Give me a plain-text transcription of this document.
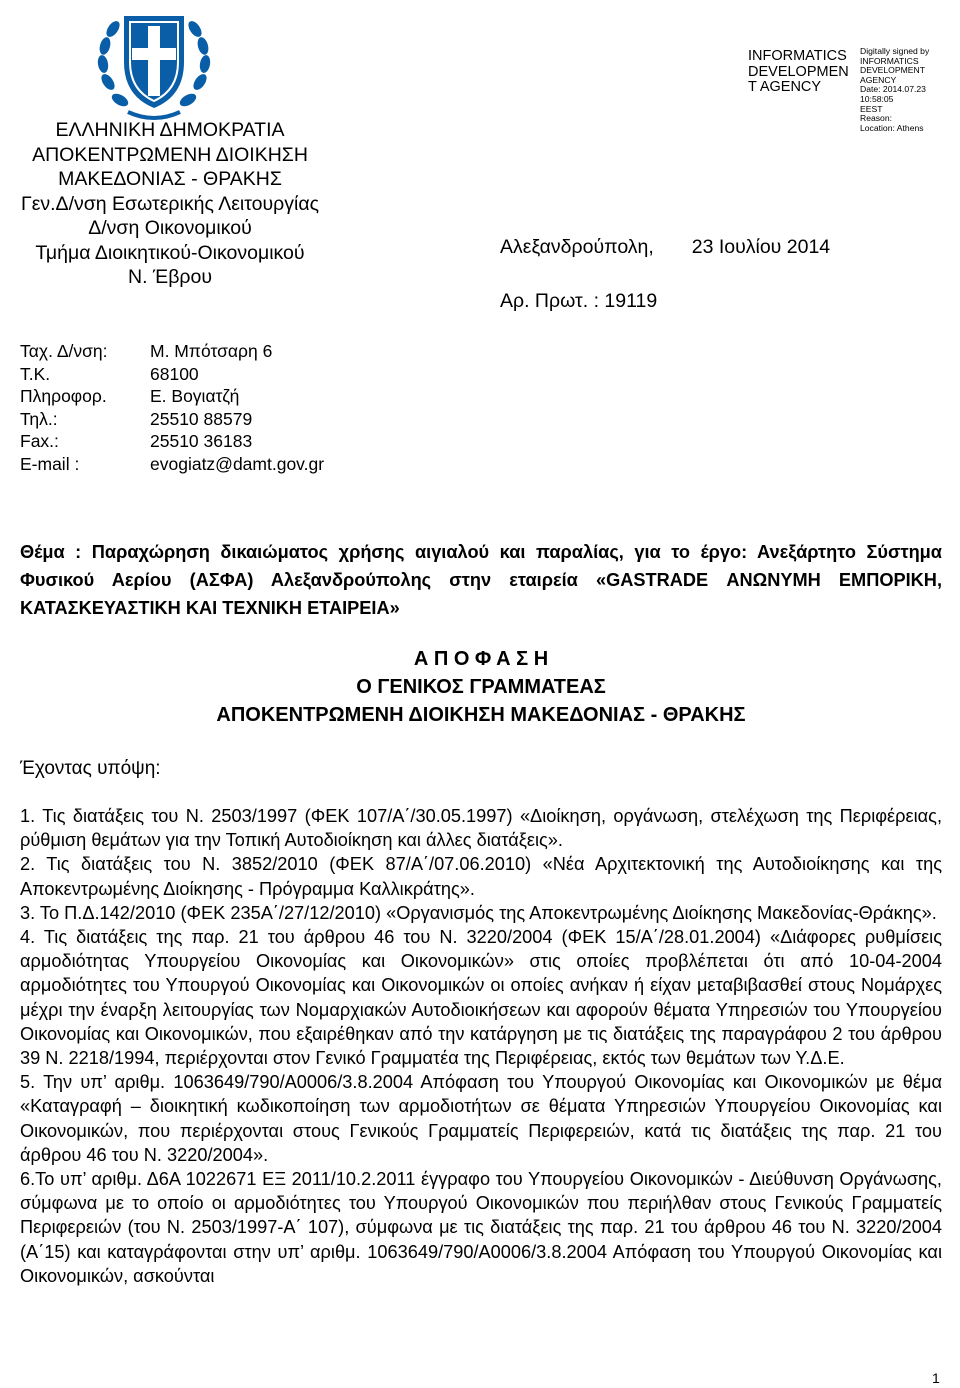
ΕΛΛΗΝΙΚΗ ΔΗΜΟΚΡΑΤΙΑ
ΑΠΟΚΕΝΤΡΩΜΕΝΗ ΔΙΟΙΚΗΣΗ
ΜΑΚΕΔΟΝΙΑΣ - ΘΡΑΚΗΣ
Γεν.Δ/νση Εσωτερικής Λειτουργίας
Δ/νση Οικονομικού
Τμήμα Διοικητικού-Οικονομικού
Ν. Έβρου
INFORMATICS
DEVELOPMEN
T AGENCY
Digitally signed by
INFORMATICS
DEVELOPMENT AGENCY
Date: 2014.07.23 10:58:05
EEST
Reason:
Location: Athens
Αλεξανδρούπολη,       23 Ιουλίου 2014
Αρ. Πρωτ. : 19119
Ταχ. Δ/νση:	Μ. Μπότσαρη 6
Τ.Κ.	68100
Πληροφορ.	Ε. Βογιατζή
Τηλ.:	25510 88579
Fax.:	25510 36183
E-mail :	evogiatz@damt.gov.gr
Θέμα : Παραχώρηση δικαιώματος χρήσης αιγιαλού και παραλίας, για το έργο: Ανεξάρτητο Σύστημα Φυσικού Αερίου (ΑΣΦΑ) Αλεξανδρούπολης στην εταιρεία «GASTRADE ΑΝΩΝΥΜΗ ΕΜΠΟΡΙΚΗ, ΚΑΤΑΣΚΕΥΑΣΤΙΚΗ ΚΑΙ ΤΕΧΝΙΚΗ ΕΤΑΙΡΕΙΑ»
Α Π Ο Φ Α Σ Η
Ο ΓΕΝΙΚΟΣ ΓΡΑΜΜΑΤΕΑΣ
ΑΠΟΚΕΝΤΡΩΜΕΝΗ ΔΙΟΙΚΗΣΗ ΜΑΚΕΔΟΝΙΑΣ - ΘΡΑΚΗΣ
Έχοντας υπόψη:
1. Τις διατάξεις του Ν. 2503/1997 (ΦΕΚ 107/Α΄/30.05.1997) «Διοίκηση, οργάνωση, στελέχωση της Περιφέρειας, ρύθμιση θεμάτων για την Τοπική Αυτοδιοίκηση και άλλες διατάξεις».
2. Τις διατάξεις του Ν. 3852/2010 (ΦΕΚ 87/Α΄/07.06.2010) «Νέα Αρχιτεκτονική της Αυτοδιοίκησης και της Αποκεντρωμένης Διοίκησης - Πρόγραμμα Καλλικράτης».
3. Το Π.Δ.142/2010 (ΦΕΚ 235Α΄/27/12/2010) «Οργανισμός της Αποκεντρωμένης Διοίκησης Μακεδονίας-Θράκης».
4. Τις διατάξεις της παρ. 21 του άρθρου 46 του Ν. 3220/2004 (ΦΕΚ 15/Α΄/28.01.2004) «Διάφορες ρυθμίσεις αρμοδιότητας Υπουργείου Οικονομίας και Οικονομικών» στις οποίες προβλέπεται ότι από 10-04-2004 αρμοδιότητες του Υπουργού Οικονομίας και Οικονομικών οι οποίες ανήκαν ή είχαν μεταβιβασθεί στους Νομάρχες μέχρι την έναρξη λειτουργίας των Νομαρχιακών Αυτοδιοικήσεων και αφορούν θέματα Υπηρεσιών του Υπουργείου Οικονομίας και Οικονομικών, που εξαιρέθηκαν από την κατάργηση με τις διατάξεις της παραγράφου 2 του άρθρου 39 Ν. 2218/1994, περιέρχονται στον Γενικό Γραμματέα της Περιφέρειας, εκτός των θεμάτων των Υ.Δ.Ε.
5. Την υπ’ αριθμ. 1063649/790/Α0006/3.8.2004 Απόφαση του Υπουργού Οικονομίας και Οικονομικών με θέμα «Καταγραφή – διοικητική κωδικοποίηση των αρμοδιοτήτων σε θέματα Υπηρεσιών Υπουργείου Οικονομίας και Οικονομικών, που περιέρχονται στους Γενικούς Γραμματείς Περιφερειών, κατά τις διατάξεις της παρ. 21 του άρθρου 46 του Ν. 3220/2004».
6.Το υπ’ αριθμ. Δ6Α 1022671 ΕΞ 2011/10.2.2011 έγγραφο του Υπουργείου Οικονομικών - Διεύθυνση Οργάνωσης, σύμφωνα με το οποίο οι αρμοδιότητες του Υπουργού Οικονομικών που περιήλθαν στους Γενικούς Γραμματείς Περιφερειών (του Ν. 2503/1997-Α΄ 107), σύμφωνα με τις διατάξεις της παρ. 21 του άρθρου 46 του Ν. 3220/2004 (Α΄15) και καταγράφονται στην υπ’ αριθμ. 1063649/790/Α0006/3.8.2004 Απόφαση του Υπουργού Οικονομίας και Οικονομικών, ασκούνται
1
